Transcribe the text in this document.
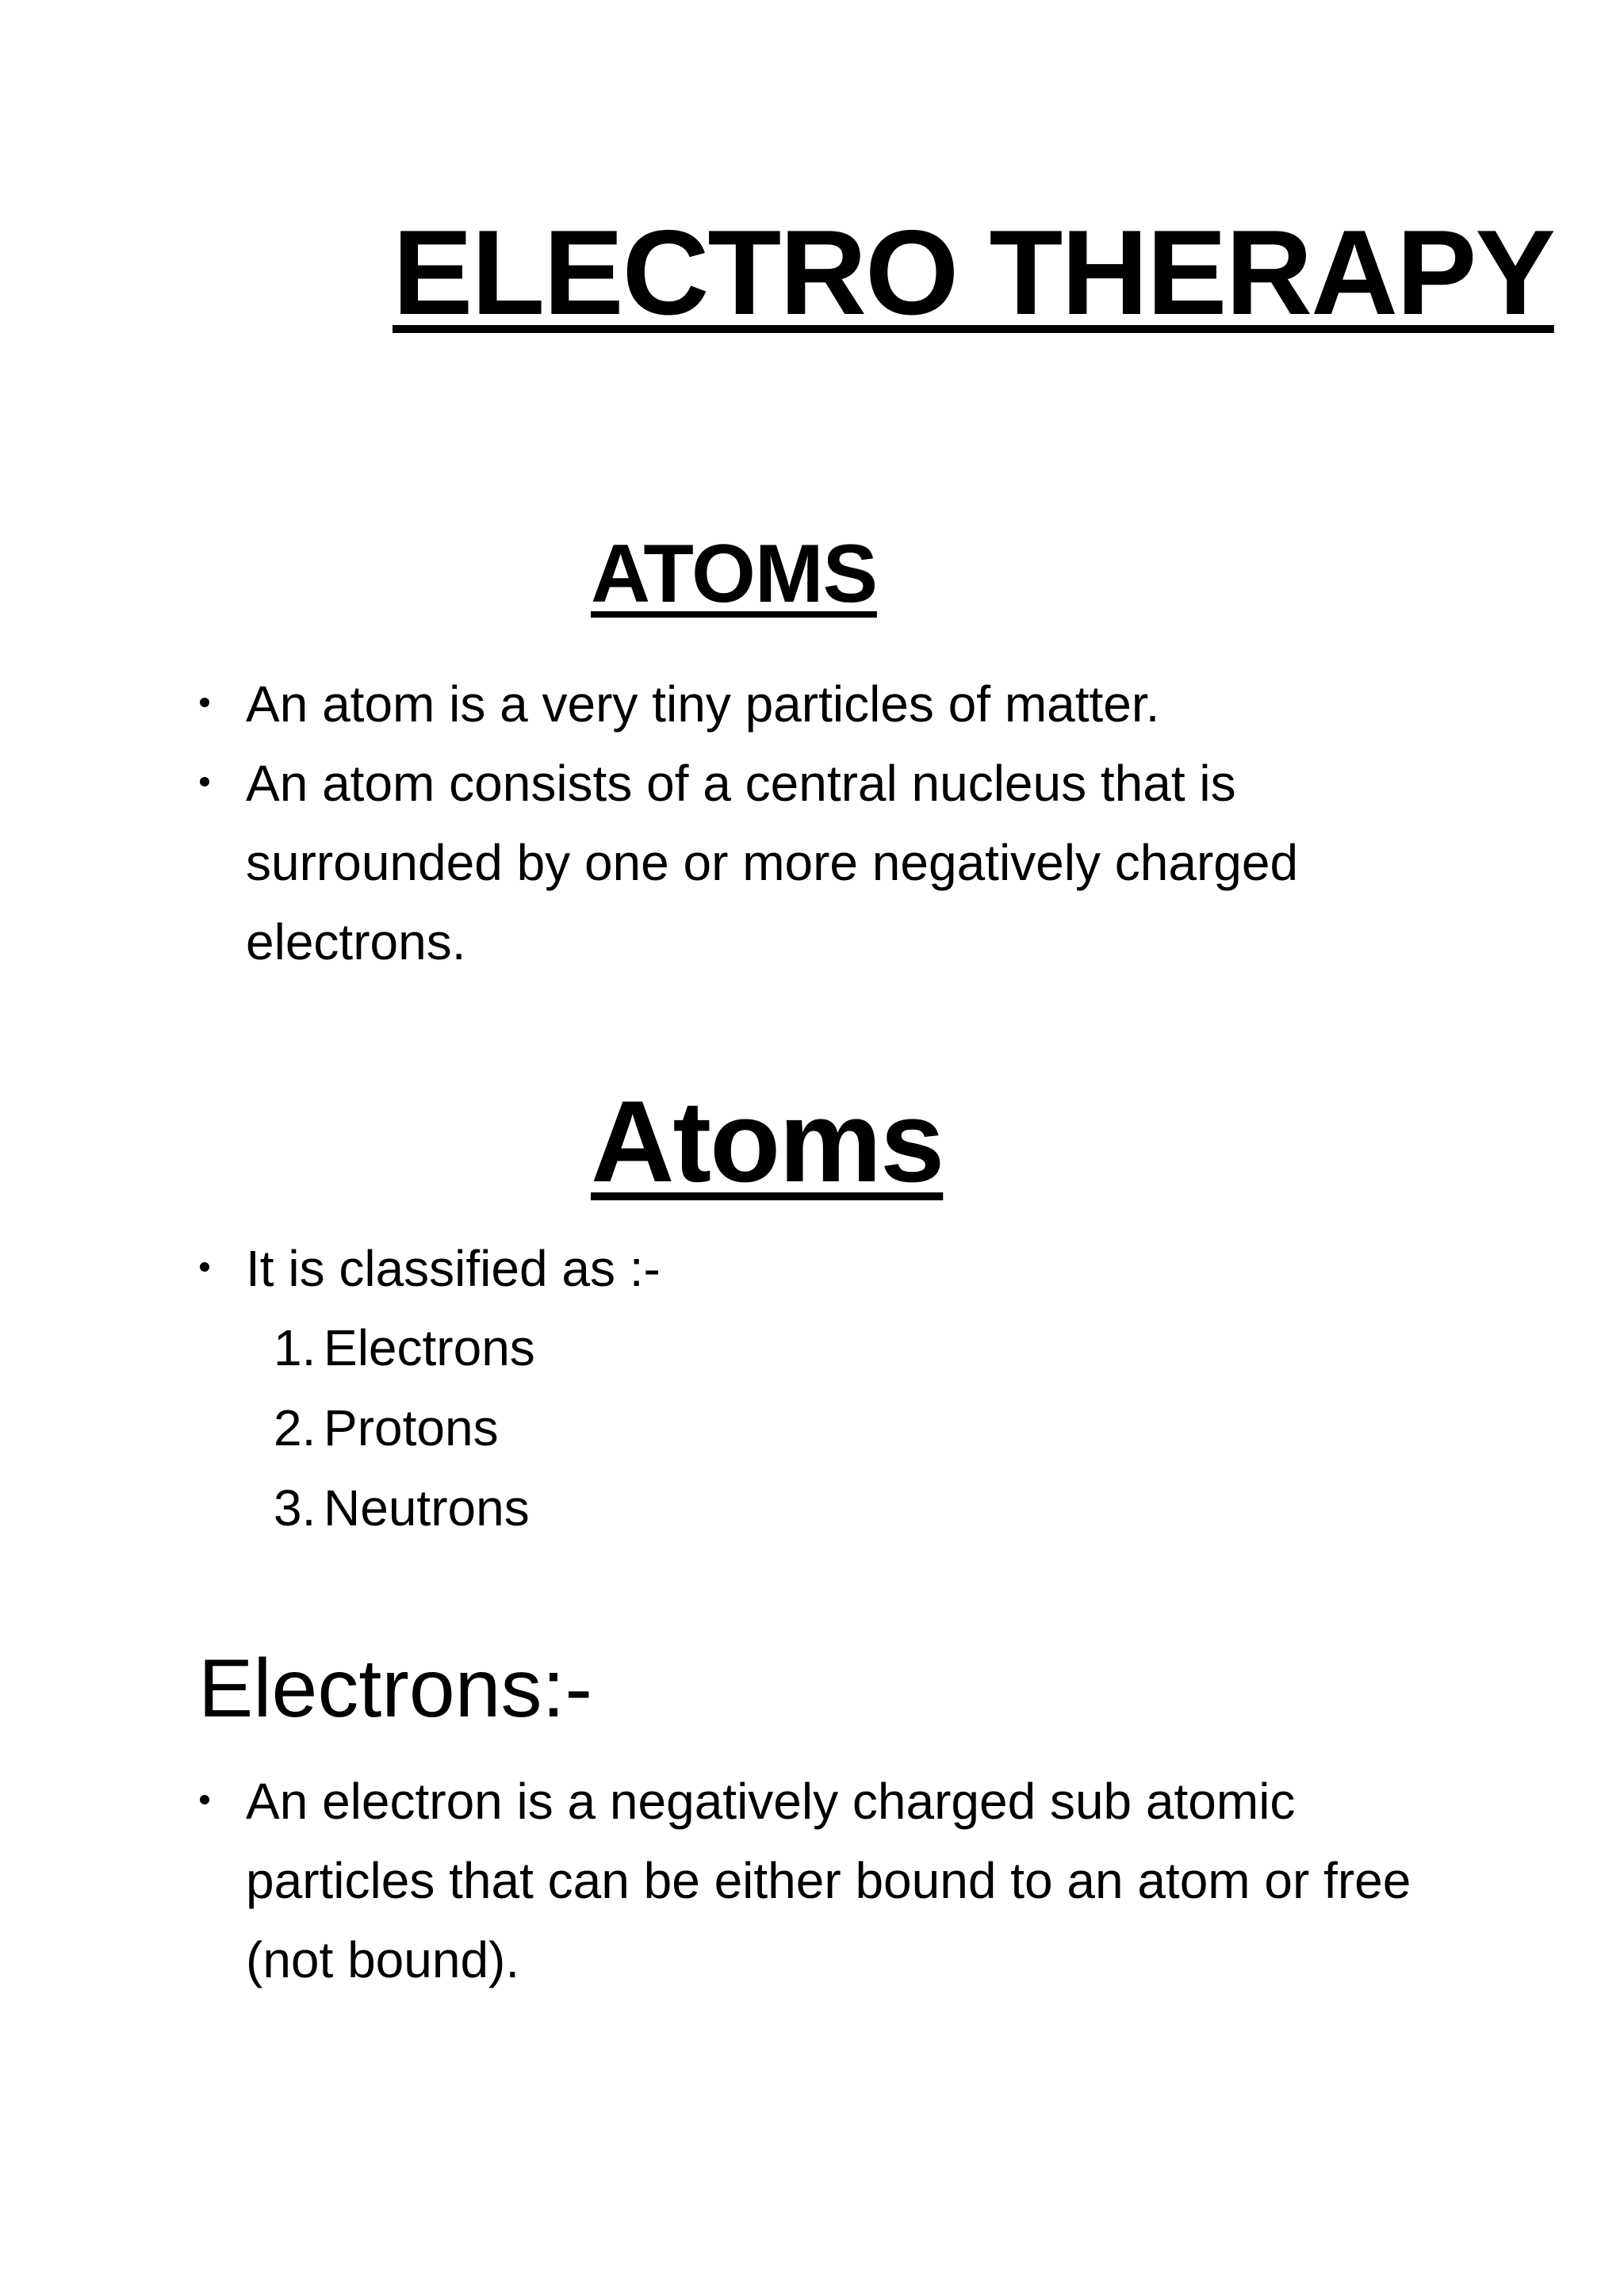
ELECTRO THERAPY
ATOMS
An atom is a very tiny particles of matter.
An atom consists of a central nucleus that is surrounded by one or more negatively charged electrons.
Atoms
It is classified as :-
1. Electrons
2. Protons
3. Neutrons
Electrons:-
An electron is a negatively charged sub atomic particles that can be either bound to an atom or free (not bound).
